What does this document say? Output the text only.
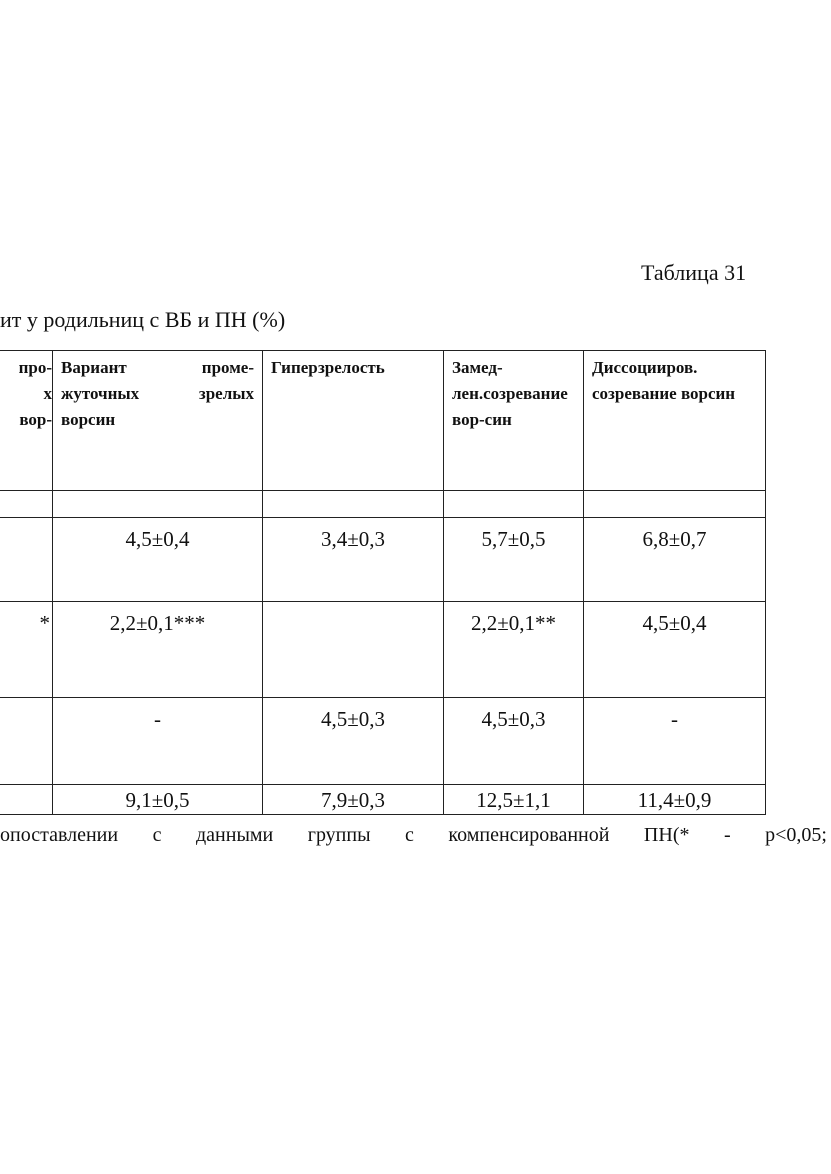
Таблица 31
ит у родильниц с ВБ и ПН (%)
про-
х
вор-	Вариант проме-жуточных зрелых ворсин	Гиперзрелость	Замед-лен.созревание вор-син	Диссоцииров. созревание ворсин

	4,5±0,4	3,4±0,3	5,7±0,5	6,8±0,7
*	2,2±0,1***		2,2±0,1**	4,5±0,4
	-	4,5±0,3	4,5±0,3	-
	9,1±0,5	7,9±0,3	12,5±1,1	11,4±0,9
опоставлении с данными группы с компенсированной ПН(* - p<0,05;
